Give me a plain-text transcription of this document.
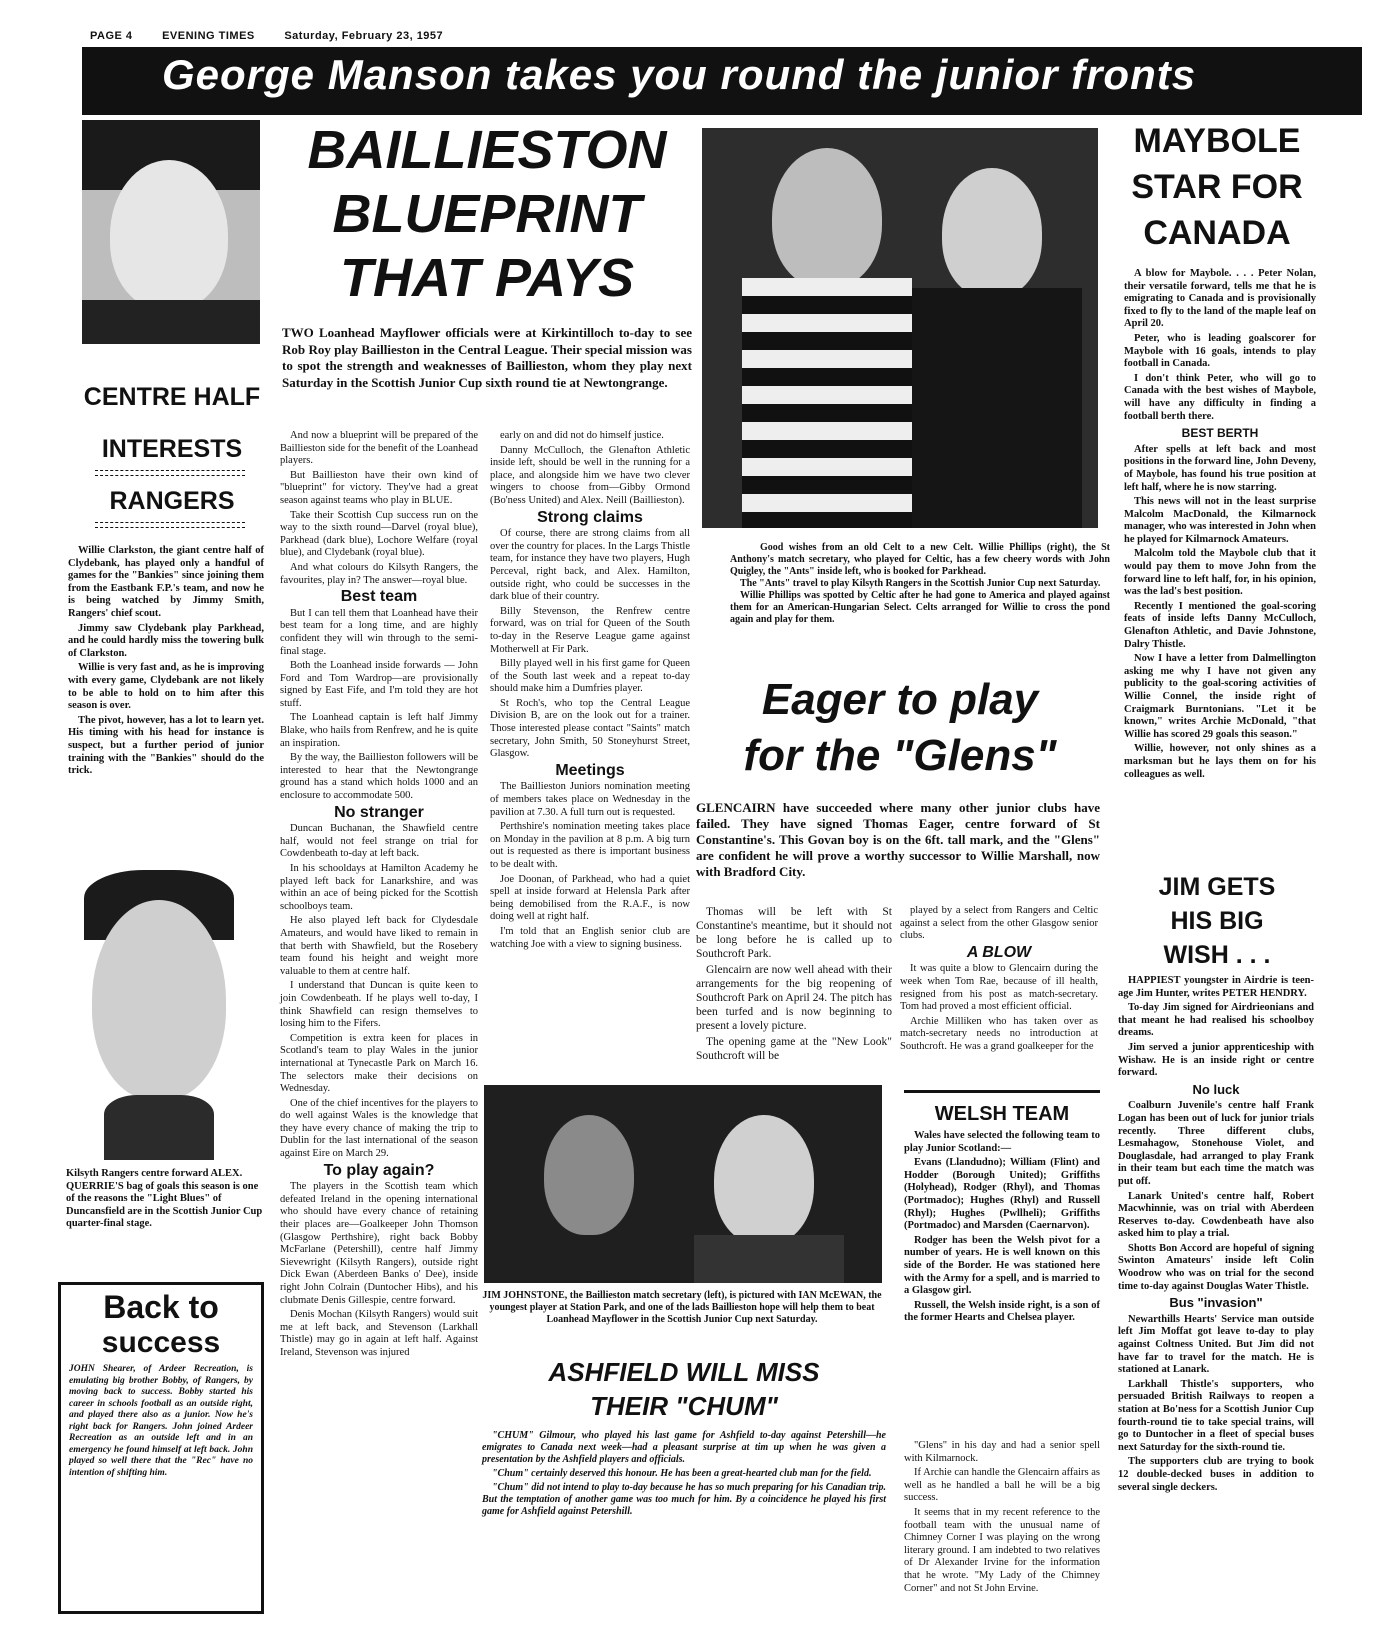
PAGE 4	EVENING TIMES	Saturday, February 23, 1957
George Manson takes you round the junior fronts
CENTRE HALF
INTERESTS
RANGERS

Willie Clarkston, the giant centre half of Clydebank, has played only a handful of games for the "Bankies" since joining them from the Eastbank F.P.'s team, and now he is being watched by Jimmy Smith, Rangers' chief scout.

Jimmy saw Clydebank play Parkhead, and he could hardly miss the towering bulk of Clarkston.

Willie is very fast and, as he is improving with every game, Clydebank are not likely to be able to hold on to him after this season is over.

The pivot, however, has a lot to learn yet. His timing with his head for instance is suspect, but a further period of junior training with the "Bankies" should do the trick.

Kilsyth Rangers centre forward ALEX. QUERRIE'S bag of goals this season is one of the reasons the "Light Blues" of Duncansfield are in the Scottish Junior Cup quarter-final stage.
Back to
success
JOHN Shearer, of Ardeer Recreation, is emulating big brother Bobby, of Rangers, by moving back to success. Bobby started his career in schools football as an outside right, and played there also as a junior. Now he's right back for Rangers. John joined Ardeer Recreation as an outside left and in an emergency he found himself at left back. John played so well there that the "Rec" have no intention of shifting him.
BAILLIESTON
BLUEPRINT
THAT PAYS
TWO Loanhead Mayflower officials were at Kirkintilloch to-day to see Rob Roy play Baillieston in the Central League. Their special mission was to spot the strength and weaknesses of Baillieston, whom they play next Saturday in the Scottish Junior Cup sixth round tie at Newtongrange.

And now a blueprint will be prepared of the Baillieston side for the benefit of the Loanhead players.

But Baillieston have their own kind of "blueprint" for victory. They've had a great season against teams who play in BLUE.

Take their Scottish Cup success run on the way to the sixth round—Darvel (royal blue), Parkhead (dark blue), Lochore Welfare (royal blue), and Clydebank (royal blue).

And what colours do Kilsyth Rangers, the favourites, play in? The answer—royal blue.

Best team

But I can tell them that Loanhead have their best team for a long time, and are highly confident they will win through to the semi-final stage.

Both the Loanhead inside forwards — John Ford and Tom Wardrop—are provisionally signed by East Fife, and I'm told they are hot stuff.

The Loanhead captain is left half Jimmy Blake, who hails from Renfrew, and he is quite an inspiration.

By the way, the Baillieston followers will be interested to hear that the Newtongrange ground has a stand which holds 1000 and an enclosure to accommodate 500.

No stranger

Duncan Buchanan, the Shawfield centre half, would not feel strange on trial for Cowdenbeath to-day at left back.

In his schooldays at Hamilton Academy he played left back for Lanarkshire, and was within an ace of being picked for the Scottish schoolboys team.

He also played left back for Clydesdale Amateurs, and would have liked to remain in that berth with Shawfield, but the Rosebery team found his height and weight more valuable to them at centre half.

I understand that Duncan is quite keen to join Cowdenbeath. If he plays well to-day, I think Shawfield can resign themselves to losing him to the Fifers.

Competition is extra keen for places in Scotland's team to play Wales in the junior international at Tynecastle Park on March 16. The selectors make their decisions on Wednesday.

One of the chief incentives for the players to do well against Wales is the knowledge that they have every chance of making the trip to Dublin for the last international of the season against Eire on March 29.

To play again?

The players in the Scottish team which defeated Ireland in the opening international who should have every chance of retaining their places are—Goalkeeper John Thomson (Glasgow Perthshire), right back Bobby McFarlane (Petershill), centre half Jimmy Sievewright (Kilsyth Rangers), outside right Dick Ewan (Aberdeen Banks o' Dee), inside right John Colrain (Duntocher Hibs), and his clubmate Denis Gillespie, centre forward.

Denis Mochan (Kilsyth Rangers) would suit me at left back, and Stevenson (Larkhall Thistle) may go in again at left half. Against Ireland, Stevenson was injured

early on and did not do himself justice.

Danny McCulloch, the Glenafton Athletic inside left, should be well in the running for a place, and alongside him we have two clever wingers to choose from—Gibby Ormond (Bo'ness United) and Alex. Neill (Baillieston).

Strong claims

Of course, there are strong claims from all over the country for places. In the Largs Thistle team, for instance they have two players, Hugh Perceval, right back, and Alex. Hamilton, outside right, who could be successes in the dark blue of their country.

Billy Stevenson, the Renfrew centre forward, was on trial for Queen of the South to-day in the Reserve League game against Motherwell at Fir Park.

Billy played well in his first game for Queen of the South last week and a repeat to-day should make him a Dumfries player.

St Roch's, who top the Central League Division B, are on the look out for a trainer. Those interested please contact "Saints" match secretary, John Smith, 50 Stoneyhurst Street, Glasgow.

Meetings

The Baillieston Juniors nomination meeting of members takes place on Wednesday in the pavilion at 7.30. A full turn out is requested.

Perthshire's nomination meeting takes place on Monday in the pavilion at 8 p.m. A big turn out is requested as there is important business to be dealt with.

Joe Doonan, of Parkhead, who had a quiet spell at inside forward at Helensla Park after being demobilised from the R.A.F., is now doing well at right half.

I'm told that an English senior club are watching Joe with a view to signing business.

Good wishes from an old Celt to a new Celt. Willie Phillips (right), the St Anthony's match secretary, who played for Celtic, has a few cheery words with John Quigley, the "Ants" inside left, who is booked for Parkhead.
The "Ants" travel to play Kilsyth Rangers in the Scottish Junior Cup next Saturday.
Willie Phillips was spotted by Celtic after he had gone to America and played against them for an American-Hungarian Select. Celts arranged for Willie to cross the pond again and play for them.
Eager to play
for the "Glens"
GLENCAIRN have succeeded where many other junior clubs have failed. They have signed Thomas Eager, centre forward of St Constantine's. This Govan boy is on the 6ft. tall mark, and the "Glens" are confident he will prove a worthy successor to Willie Marshall, now with Bradford City.

Thomas will be left with St Constantine's meantime, but it should not be long before he is called up to Southcroft Park.

Glencairn are now well ahead with their arrangements for the big reopening of Southcroft Park on April 24. The pitch has been turfed and is now beginning to present a lovely picture.

The opening game at the "New Look" Southcroft will be

played by a select from Rangers and Celtic against a select from the other Glasgow senior clubs.

A BLOW

It was quite a blow to Glencairn during the week when Tom Rae, because of ill health, resigned from his post as match-secretary. Tom had proved a most efficient official.

Archie Milliken who has taken over as match-secretary needs no introduction at Southcroft. He was a grand goalkeeper for the

JIM JOHNSTONE, the Baillieston match secretary (left), is pictured with IAN McEWAN, the youngest player at Station Park, and one of the lads Baillieston hope will help them to beat Loanhead Mayflower in the Scottish Junior Cup next Saturday.
ASHFIELD WILL MISS
THEIR "CHUM"

"CHUM" Gilmour, who played his last game for Ashfield to-day against Petershill—he emigrates to Canada next week—had a pleasant surprise at tim up when he was given a presentation by the Ashfield players and officials.

"Chum" certainly deserved this honour. He has been a great-hearted club man for the field.

"Chum" did not intend to play to-day because he has so much preparing for his Canadian trip. But the temptation of another game was too much for him. By a coincidence he played his first game for Ashfield against Petershill.

WELSH TEAM

Wales have selected the following team to play Junior Scotland:—

Evans (Llandudno); William (Flint) and Hodder (Borough United); Griffiths (Holyhead), Rodger (Rhyl), and Thomas (Portmadoc); Hughes (Rhyl) and Russell (Rhyl); Hughes (Pwllheli); Griffiths (Portmadoc) and Marsden (Caernarvon).

Rodger has been the Welsh pivot for a number of years. He is well known on this side of the Border. He was stationed here with the Army for a spell, and is married to a Glasgow girl.

Russell, the Welsh inside right, is a son of the former Hearts and Chelsea player.

"Glens" in his day and had a senior spell with Kilmarnock.

If Archie can handle the Glencairn affairs as well as he handled a ball he will be a big success.

It seems that in my recent reference to the football team with the unusual name of Chimney Corner I was playing on the wrong literary ground. I am indebted to two relatives of Dr Alexander Irvine for the information that he wrote. "My Lady of the Chimney Corner" and not St John Ervine.

MAYBOLE
STAR FOR
CANADA

A blow for Maybole. . . . Peter Nolan, their versatile forward, tells me that he is emigrating to Canada and is provisionally fixed to fly to the land of the maple leaf on April 20.

Peter, who is leading goalscorer for Maybole with 16 goals, intends to play football in Canada.

I don't think Peter, who will go to Canada with the best wishes of Maybole, will have any difficulty in finding a football berth there.

BEST BERTH

After spells at left back and most positions in the forward line, John Deveny, of Maybole, has found his true position at left half, where he is now starring.

This news will not in the least surprise Malcolm MacDonald, the Kilmarnock manager, who was interested in John when he played for Kilmarnock Amateurs.

Malcolm told the Maybole club that it would pay them to move John from the forward line to left half, for, in his opinion, was the lad's best position.

Recently I mentioned the goal-scoring feats of inside lefts Danny McCulloch, Glenafton Athletic, and Davie Johnstone, Dalry Thistle.

Now I have a letter from Dalmellington asking me why I have not given any publicity to the goal-scoring activities of Willie Connel, the inside right of Craigmark Burntonians. "Let it be known," writes Archie McDonald, "that Willie has scored 29 goals this season."

Willie, however, not only shines as a marksman but he lays them on for his colleagues as well.

JIM GETS
HIS BIG
WISH . . .

HAPPIEST youngster in Airdrie is teen-age Jim Hunter, writes PETER HENDRY.

To-day Jim signed for Airdrieonians and that meant he had realised his schoolboy dreams.

Jim served a junior apprenticeship with Wishaw. He is an inside right or centre forward.

No luck

Coalburn Juvenile's centre half Frank Logan has been out of luck for junior trials recently. Three different clubs, Lesmahagow, Stonehouse Violet, and Douglasdale, had arranged to play Frank in their team but each time the match was put off.

Lanark United's centre half, Robert Macwhinnie, was on trial with Aberdeen Reserves to-day. Cowdenbeath have also asked him to play a trial.

Shotts Bon Accord are hopeful of signing Swinton Amateurs' inside left Colin Woodrow who was on trial for the second time to-day against Douglas Water Thistle.

Bus "invasion"

Newarthills Hearts' Service man outside left Jim Moffat got leave to-day to play against Coltness United. But Jim did not have far to travel for the match. He is stationed at Lanark.

Larkhall Thistle's supporters, who persuaded British Railways to reopen a station at Bo'ness for a Scottish Junior Cup fourth-round tie to take special trains, will go to Duntocher in a fleet of special buses next Saturday for the sixth-round tie.

The supporters club are trying to book 12 double-decked buses in addition to several single deckers.
